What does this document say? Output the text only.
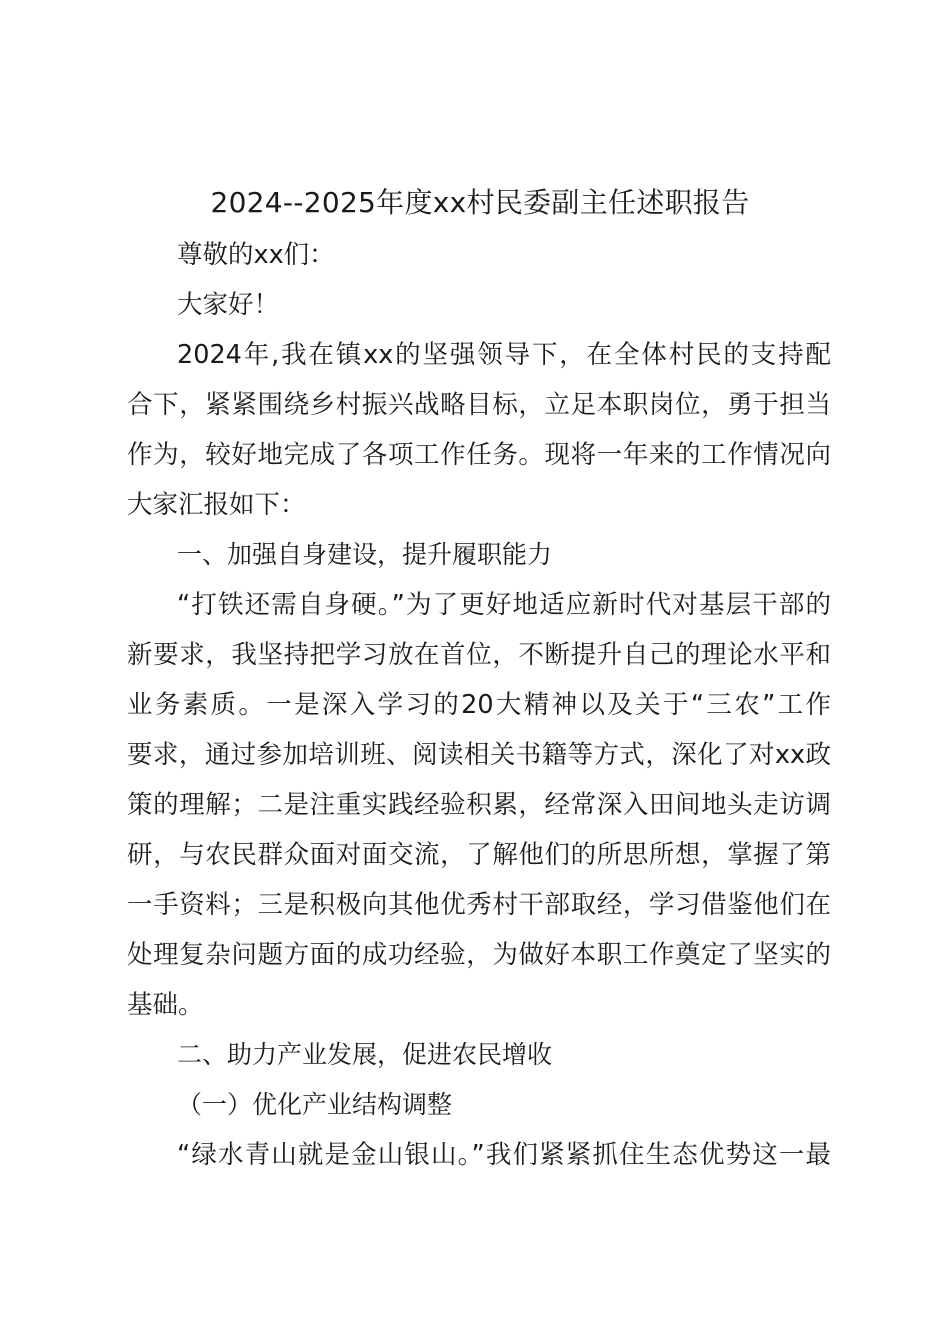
2024--2025年度xx村民委副主任述职报告
尊敬的xx们：
大家好！
2024年,我在镇xx的坚强领导下，在全体村民的支持配
合下，紧紧围绕乡村振兴战略目标，立足本职岗位，勇于担当
作为，较好地完成了各项工作任务。现将一年来的工作情况向
大家汇报如下：
一、加强自身建设，提升履职能力
“打铁还需自身硬。”为了更好地适应新时代对基层干部的
新要求，我坚持把学习放在首位，不断提升自己的理论水平和
业务素质。一是深入学习的20大精神以及关于“三农”工作
要求，通过参加培训班、阅读相关书籍等方式，深化了对xx政
策的理解；二是注重实践经验积累，经常深入田间地头走访调
研，与农民群众面对面交流，了解他们的所思所想，掌握了第
一手资料；三是积极向其他优秀村干部取经，学习借鉴他们在
处理复杂问题方面的成功经验，为做好本职工作奠定了坚实的
基础。
二、助力产业发展，促进农民增收
（一）优化产业结构调整
“绿水青山就是金山银山。”我们紧紧抓住生态优势这一最
